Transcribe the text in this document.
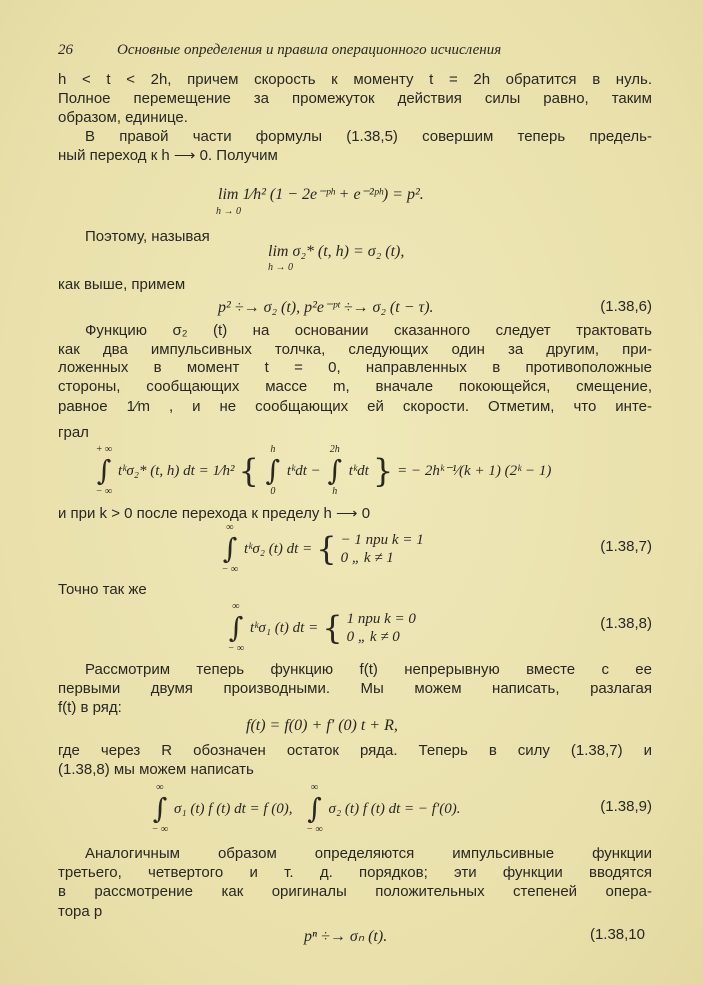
26	Основные определения и правила операционного исчисления
h < t < 2h, причем скорость к моменту t = 2h обратится в нуль.
Полное перемещение за промежуток действия силы равно, таким
образом, единице.
В правой части формулы (1.38,5) совершим теперь предель-
ный переход к h ⟶ 0. Получим
lim 1⁄h² (1 − 2e⁻ᵖʰ + e⁻²ᵖʰ) = p².
h → 0
Поэтому, называя
lim σ₂* (t, h) = σ₂ (t),
h → 0
как выше, примем
p² ÷→ σ₂ (t), p²e⁻ᵖᵗ ÷→ σ₂ (t − τ).	(1.38,6)
Функцию σ₂ (t) на основании сказанного следует трактовать
как два импульсивных толчка, следующих один за другим, при-
ложенных в момент t = 0, направленных в противоположные
стороны, сообщающих массе m, вначале покоющейся, смещение,
равное 1⁄m , и не сообщающих ей скорости. Отметим, что инте-
грал
+ ∞
∫
− ∞
tᵏσ₂* (t, h) dt = 1⁄h² {
h
∫
0
tᵏdt −
2h
∫
h
tᵏdt } = − 2hᵏ⁻¹⁄(k + 1) (2ᵏ − 1)
и при k > 0 после перехода к пределу h ⟶ 0
∞
∫
− ∞
tᵏσ₂ (t) dt = { − 1 при k = 1
0 „ k ≠ 1
(1.38,7)
Точно так же
∞
∫
− ∞
tᵏσ₁ (t) dt = { 1 при k = 0
0 „ k ≠ 0
(1.38,8)
Рассмотрим теперь функцию f(t) непрерывную вместе с ее
первыми двумя производными. Мы можем написать, разлагая
f(t) в ряд:
f(t) = f(0) + f′ (0) t + R,
где через R обозначен остаток ряда. Теперь в силу (1.38,7) и
(1.38,8) мы можем написать
∞
∫
− ∞
σ₁ (t) f (t) dt = f (0),
∞
∫
− ∞
σ₂ (t) f (t) dt = − f′(0).	(1.38,9)
Аналогичным образом определяются импульсивные функции
третьего, четвертого и т. д. порядков; эти функции вводятся
в рассмотрение как оригиналы положительных степеней опера-
тора p
pⁿ ÷→ σₙ (t).	(1.38,10
